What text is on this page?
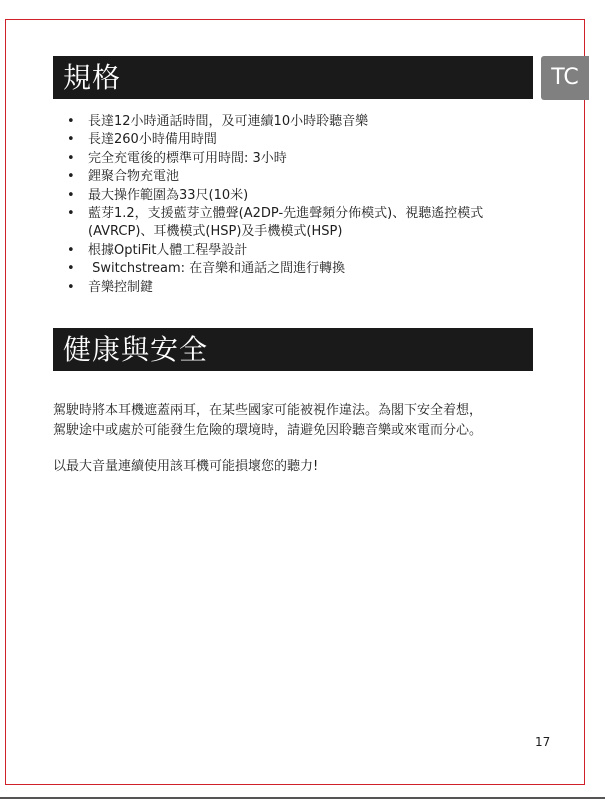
規格	TC
• 長達12小時通話時間，及可連續10小時聆聽音樂
• 長達260小時備用時間
• 完全充電後的標準可用時間: 3小時
• 鋰聚合物充電池
• 最大操作範圍為33尺(10米)
• 藍芽1.2，支援藍芽立體聲(A2DP-先進聲頻分佈模式)、視聽遙控模式
(AVRCP)、耳機模式(HSP)及手機模式(HSP)
• 根據OptiFit人體工程學設計
• Switchstream: 在音樂和通話之間進行轉換
• 音樂控制鍵
健康與安全

駕駛時將本耳機遮蓋兩耳，在某些國家可能被視作違法。為閣下安全着想，
駕駛途中或處於可能發生危險的環境時，請避免因聆聽音樂或來電而分心。

以最大音量連續使用該耳機可能損壞您的聽力!

17
